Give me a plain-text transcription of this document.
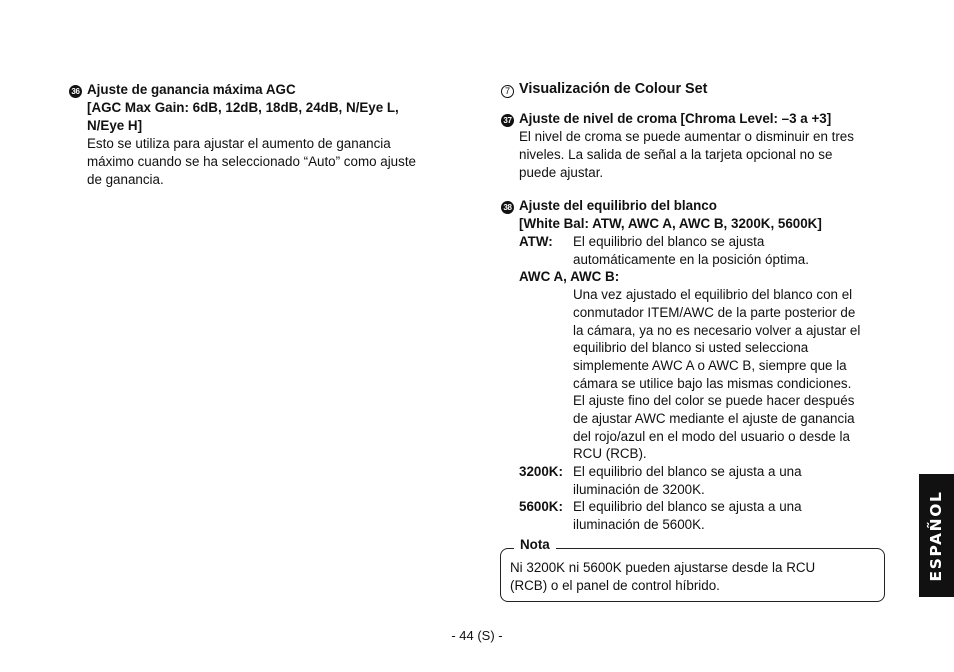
36 Ajuste de ganancia máxima AGC
[AGC Max Gain: 6dB, 12dB, 18dB, 24dB, N/Eye L,
N/Eye H]
Esto se utiliza para ajustar el aumento de ganancia
máximo cuando se ha seleccionado “Auto” como ajuste
de ganancia.
7 Visualización de Colour Set
37 Ajuste de nivel de croma [Chroma Level: –3 a +3]
El nivel de croma se puede aumentar o disminuir en tres
niveles. La salida de señal a la tarjeta opcional no se
puede ajustar.
38 Ajuste del equilibrio del blanco
[White Bal: ATW, AWC A, AWC B, 3200K, 5600K]
ATW: El equilibrio del blanco se ajusta
automáticamente en la posición óptima.
AWC A, AWC B:
Una vez ajustado el equilibrio del blanco con el
conmutador ITEM/AWC de la parte posterior de
la cámara, ya no es necesario volver a ajustar el
equilibrio del blanco si usted selecciona
simplemente AWC A o AWC B, siempre que la
cámara se utilice bajo las mismas condiciones.
El ajuste fino del color se puede hacer después
de ajustar AWC mediante el ajuste de ganancia
del rojo/azul en el modo del usuario o desde la
RCU (RCB).
3200K: El equilibrio del blanco se ajusta a una
iluminación de 3200K.
5600K: El equilibrio del blanco se ajusta a una
iluminación de 5600K.
Nota
Ni 3200K ni 5600K pueden ajustarse desde la RCU
(RCB) o el panel de control híbrido.
ESPAÑOL
- 44 (S) -
